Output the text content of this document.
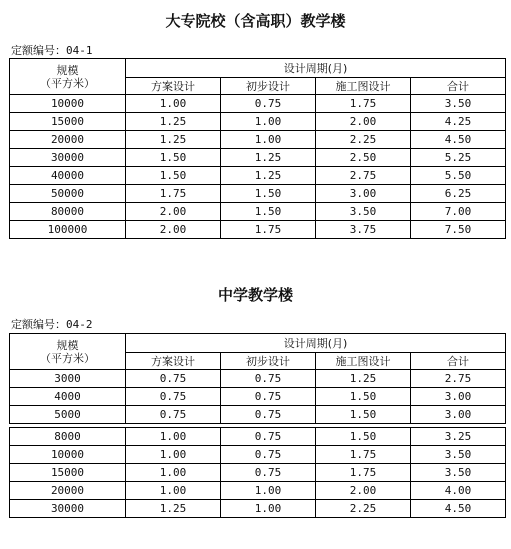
大专院校（含高职）教学楼
定额编号：04-1
规模
（平方米）	设计周期(月)			
	方案设计	初步设计	施工图设计	合计
10000	1.00	0.75	1.75	3.50
15000	1.25	1.00	2.00	4.25
20000	1.25	1.00	2.25	4.50
30000	1.50	1.25	2.50	5.25
40000	1.50	1.25	2.75	5.50
50000	1.75	1.50	3.00	6.25
80000	2.00	1.50	3.50	7.00
100000	2.00	1.75	3.75	7.50
中学教学楼
定额编号：04-2
规模
（平方米）	设计周期(月)			
	方案设计	初步设计	施工图设计	合计
3000	0.75	0.75	1.25	2.75
4000	0.75	0.75	1.50	3.00
5000	0.75	0.75	1.50	3.00

8000	1.00	0.75	1.50	3.25
10000	1.00	0.75	1.75	3.50
15000	1.00	0.75	1.75	3.50
20000	1.00	1.00	2.00	4.00
30000	1.25	1.00	2.25	4.50
